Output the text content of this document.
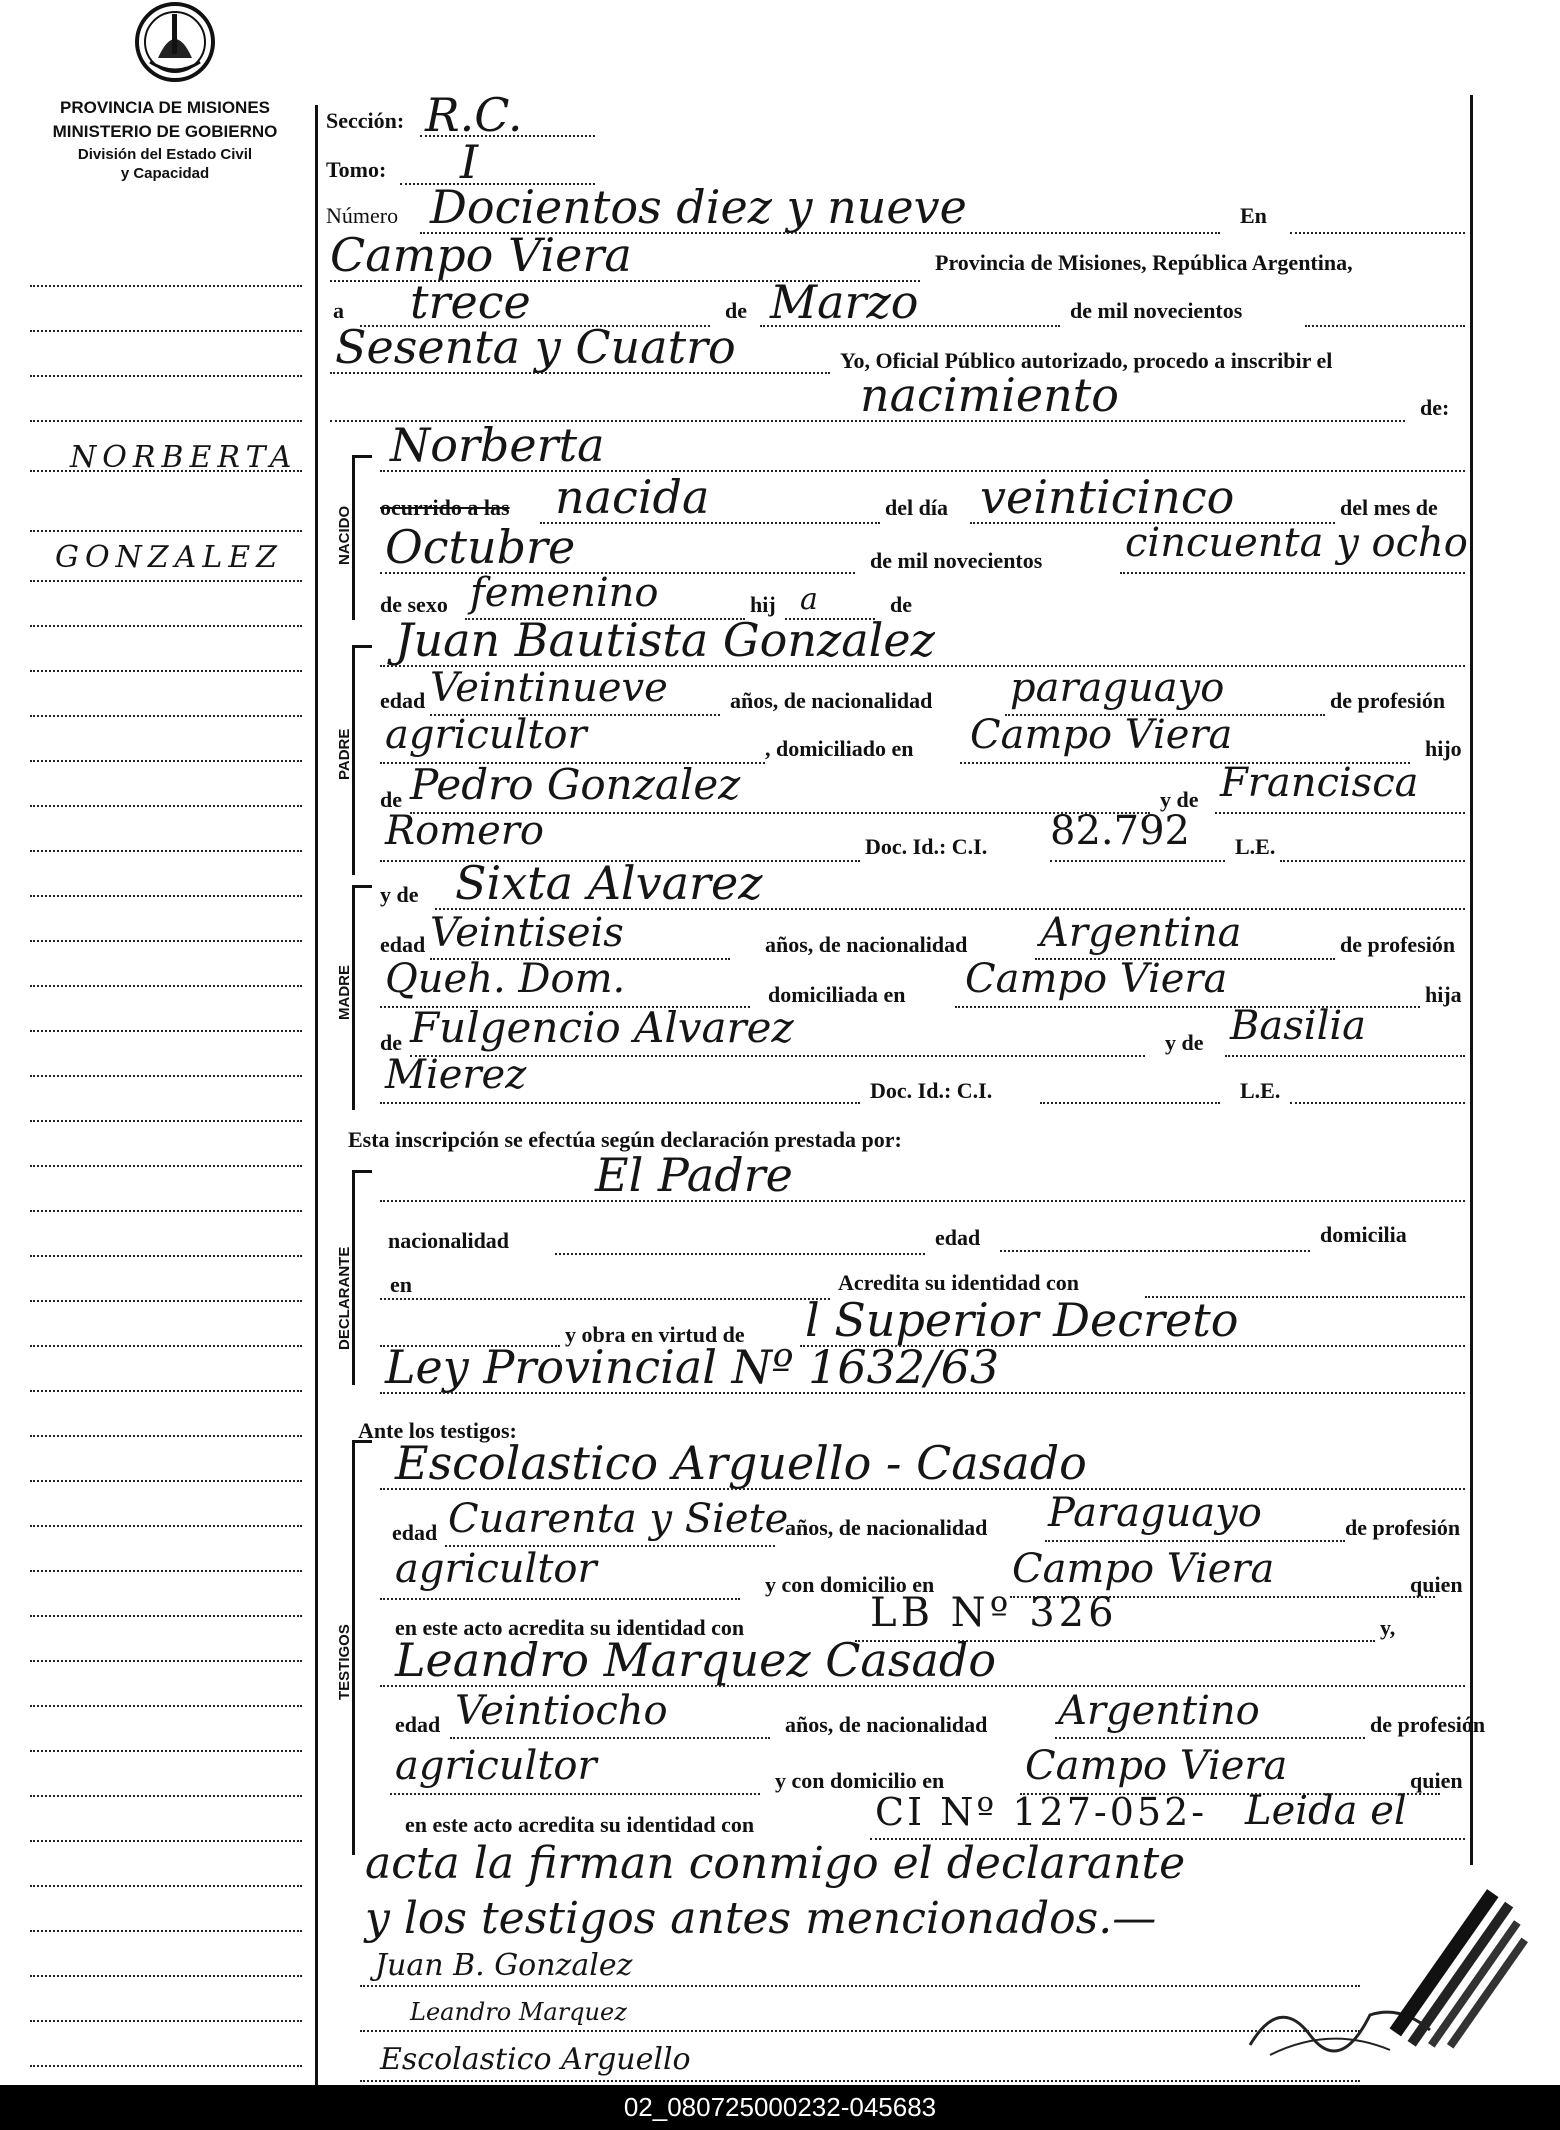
PROVINCIA DE MISIONES
MINISTERIO DE GOBIERNO
División del Estado Civil
y Capacidad
NORBERTA
GONZALEZ	NACIDO
PADRE
MADRE
DECLARANTE
TESTIGOS
Sección: R.C.
Tomo: I
Número Docientos diez y nueve	En
Campo Viera	Provincia de Misiones, República Argentina,
a trece	de Marzo	de mil novecientos
Sesenta y Cuatro	Yo, Oficial Público autorizado, procedo a inscribir el
nacimiento	de:
Norberta
ocurrido a las nacida	del día veinticinco	del mes de
Octubre	de mil novecientos cincuenta y ocho
de sexo femenino	hij a	de
Juan Bautista Gonzalez
edad Veintinueve	años, de nacionalidad paraguayo	de profesión
agricultor	, domiciliado en Campo Viera	hijo
de Pedro Gonzalez	y de Francisca
Romero	Doc. Id.: C.I. 82.792 L.E.
y de Sixta Alvarez
edad Veintiseis	años, de nacionalidad Argentina	de profesión
Queh. Dom.	domiciliada en Campo Viera	hija
de Fulgencio Alvarez	y de Basilia
Mierez	Doc. Id.: C.I.	L.E.
Esta inscripción se efectúa según declaración prestada por:
El Padre
nacionalidad	edad	domicilia
en	Acredita su identidad con
y obra en virtud de l Superior Decreto
Ley Provincial Nº 1632/63
Ante los testigos:
Escolastico Arguello - Casado
edad Cuarenta y Siete
años, de nacionalidad Paraguayo	de profesión
agricultor	y con domicilio en Campo Viera	quien
en este acto acredita su identidad con	LB Nº 326	y,
Leandro Marquez Casado
edad Veintiocho	años, de nacionalidad Argentino	de profesión
agricultor	y con domicilio en Campo Viera	quien
en este acto acredita su identidad con	CI Nº 127-052- Leida el
acta la firman conmigo el declarante
y los testigos antes mencionados.—
Juan B. Gonzalez
Leandro Marquez
Escolastico Arguello
02_080725000232-045683
